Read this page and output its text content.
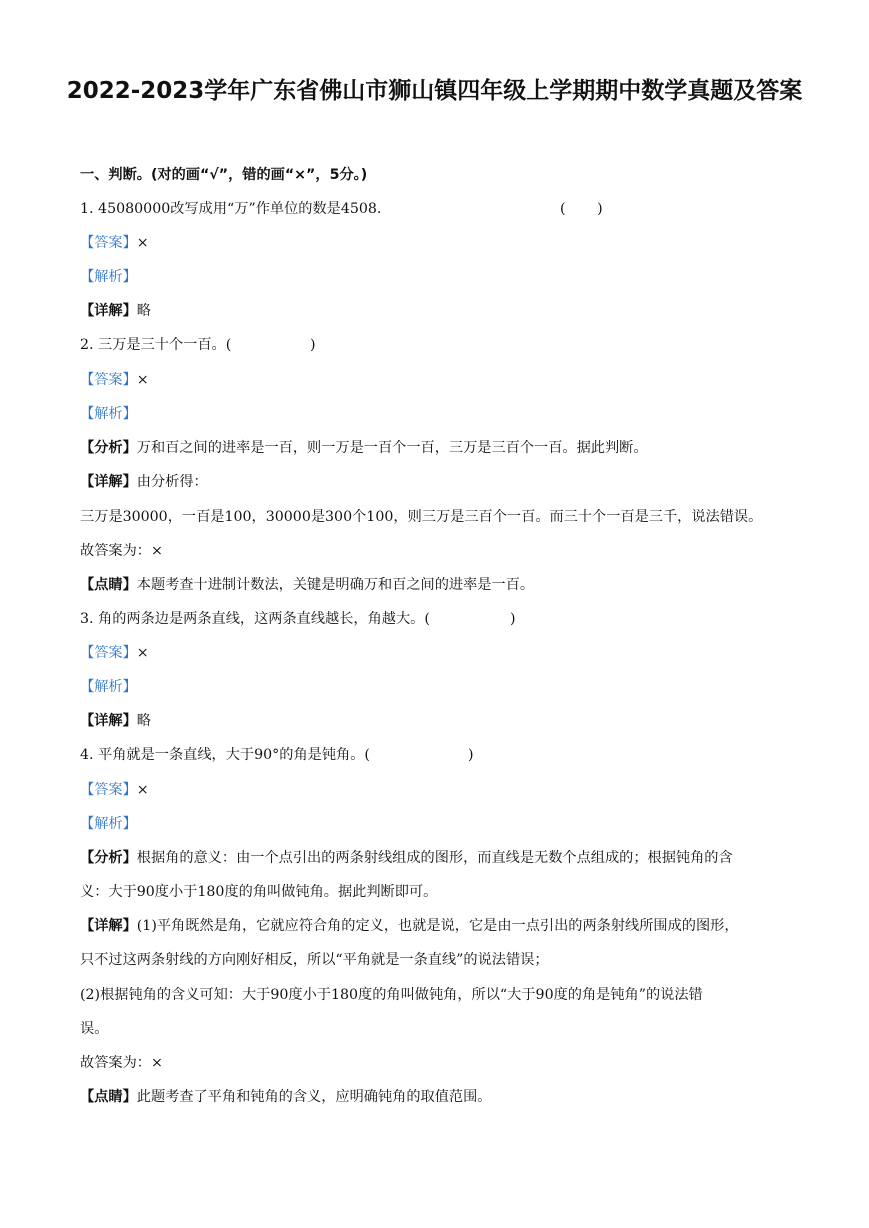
2022-2023学年广东省佛山市狮山镇四年级上学期期中数学真题及答案
一、判断。(对的画“√”，错的画“×”，5分。)
1. 45080000改写成用“万”作单位的数是4508.	(       )
【答案】×
【解析】
【详解】略
2. 三万是三十个一百。(	)
【答案】×
【解析】
【分析】万和百之间的进率是一百，则一万是一百个一百，三万是三百个一百。据此判断。
【详解】由分析得：
三万是30000，一百是100，30000是300个100，则三万是三百个一百。而三十个一百是三千，说法错误。
故答案为：×
【点睛】本题考查十进制计数法，关键是明确万和百之间的进率是一百。
3. 角的两条边是两条直线，这两条直线越长，角越大。(	)
【答案】×
【解析】
【详解】略
4. 平角就是一条直线，大于90°的角是钝角。(	)
【答案】×
【解析】
【分析】根据角的意义：由一个点引出的两条射线组成的图形，而直线是无数个点组成的；根据钝角的含
义：大于90度小于180度的角叫做钝角。据此判断即可。
【详解】(1)平角既然是角，它就应符合角的定义，也就是说，它是由一点引出的两条射线所围成的图形，
只不过这两条射线的方向刚好相反，所以“平角就是一条直线”的说法错误；
(2)根据钝角的含义可知：大于90度小于180度的角叫做钝角，所以“大于90度的角是钝角”的说法错
误。
故答案为：×
【点睛】此题考查了平角和钝角的含义，应明确钝角的取值范围。
